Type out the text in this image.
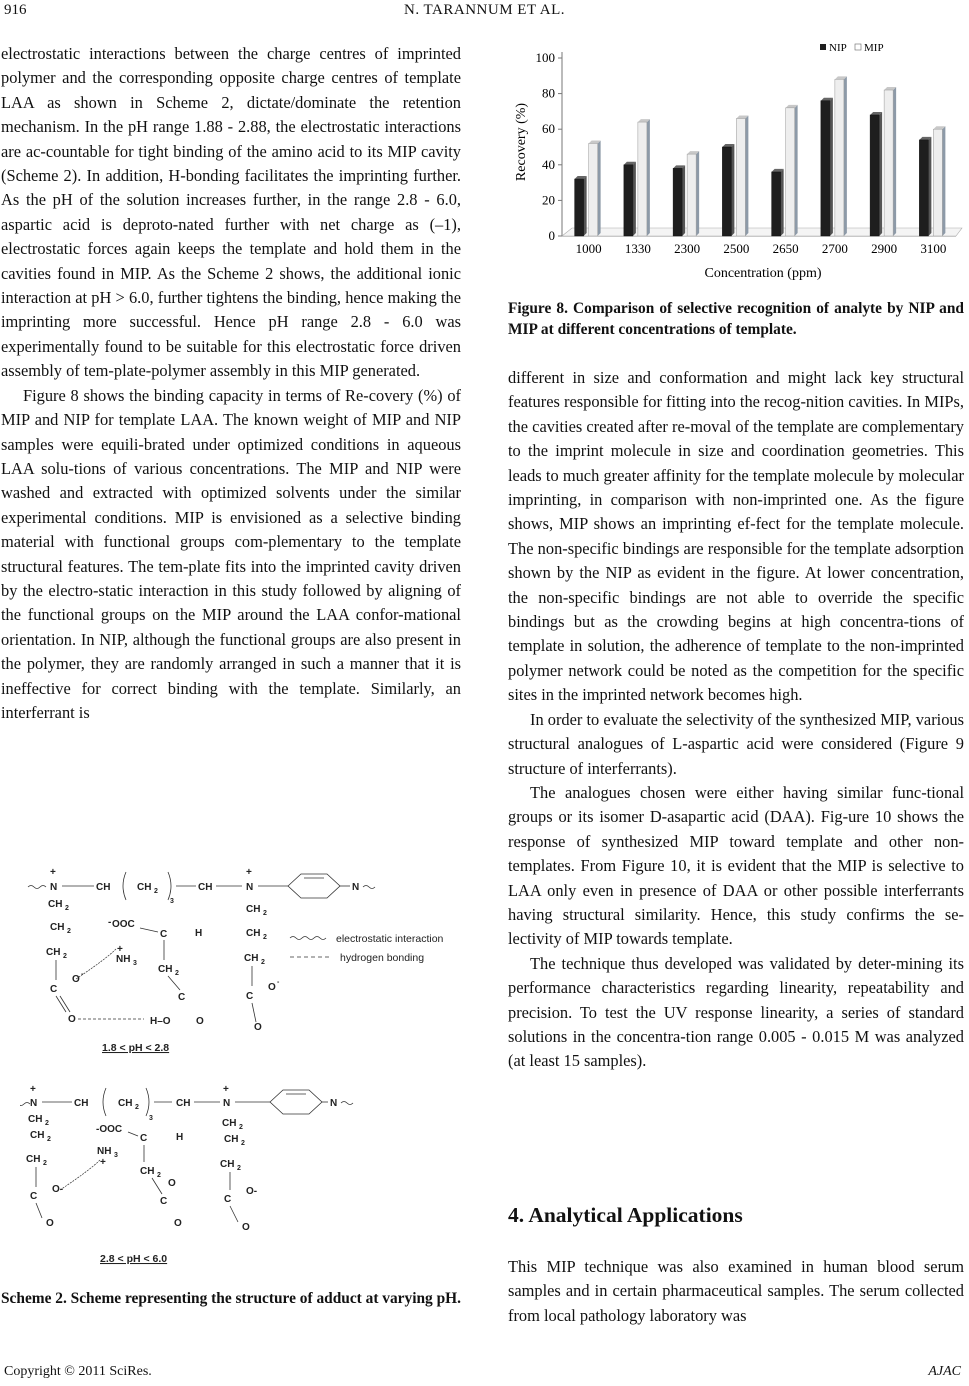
916	N. TARANNUM ET AL.

electrostatic interactions between the charge centres of imprinted polymer and the corresponding opposite charge centres of template LAA as shown in Scheme 2, dictate/dominate the retention mechanism. In the pH range 1.88 - 2.88, the electrostatic interactions are ac-countable for tight binding of the amino acid to its MIP cavity (Scheme 2). In addition, H-bonding facilitates the imprinting further. As the pH of the solution increases further, in the range 2.8 - 6.0, aspartic acid is deproto-nated further with net charge as (–1), electrostatic forces again keeps the template and hold them in the cavities found in MIP. As the Scheme 2 shows, the additional ionic interaction at pH > 6.0, further tightens the binding, hence making the imprinting more successful. Hence pH range 2.8 - 6.0 was experimentally found to be suitable for this electrostatic force driven assembly of tem-plate-polymer assembly in this MIP generated.

Figure 8 shows the binding capacity in terms of Re-covery (%) of MIP and NIP for template LAA. The known weight of MIP and NIP samples were equili-brated under optimized conditions in aqueous LAA solu-tions of various concentrations. The MIP and NIP were washed and extracted with optimized solvents under the similar experimental conditions. MIP is envisioned as a selective binding material with functional groups com-plementary to the template structural features. The tem-plate fits into the imprinted cavity driven by the electro-static interaction in this study followed by aligning of the functional groups on the MIP around the LAA confor-mational orientation. In NIP, although the functional groups are also present in the polymer, they are randomly arranged in such a manner that it is ineffective for correct binding with the template. Similarly, an interferrant is

NIP MIP
0
20
40
60
80
100
1000 1330 2300 2500 2650 2700 2900 3100
Recovery (%)
Concentration (ppm)
Figure 8. Comparison of selective recognition of analyte by NIP and MIP at different concentrations of template.

different in size and conformation and might lack key structural features responsible for fitting into the recog-nition cavities. In MIPs, the cavities created after re-moval of the template are complementary to the imprint molecule in size and coordination geometries. This leads to much greater affinity for the template molecule by molecular imprinting, in comparison with non-imprinted one. As the figure shows, MIP shows an imprinting ef-fect for the template molecule. The non-specific bindings are responsible for the template adsorption shown by the NIP as evident in the figure. At lower concentration, the non-specific bindings are not able to override the specific bindings but as the crowding begins at high concentra-tions of template in solution, the adherence of template to the non-imprinted polymer network could be noted as the competition for the specific sites in the imprinted network becomes high.

In order to evaluate the selectivity of the synthesized MIP, various structural analogues of L-aspartic acid were considered (Figure 9 structure of interferrants).

The analogues chosen were either having similar func-tional groups or its isomer D-asapartic acid (DAA). Fig-ure 10 shows the response of synthesized MIP toward template and other non-templates. From Figure 10, it is evident that the MIP is selective to LAA only even in presence of DAA or other possible interferrants having structural similarity. Hence, this study confirms the se-lectivity of MIP towards template.

The technique thus developed was validated by deter-mining its performance characteristics regarding linearity, repeatability and precision. To test the UV response linearity, a series of standard solutions in the concentra-tion range 0.005 - 0.015 M was analyzed (at least 15 samples).

4. Analytical Applications

This MIP technique was also examined in human blood serum samples and in certain pharmaceutical samples. The serum collected from local pathology laboratory was

+
N	CH	CH 2
3
CH
+
N	N
CH 2
CH 2
CH 2
C
O -
O
- OOC
C	H
+
NH 3
CH 2
C
H–O	O
CH 2
CH 2
CH 2
C
O -
O
electrostatic interaction
hydrogen bonding
1.8 < pH < 2.8
+
N	CH	CH 2
3
CH
+
N	N
CH 2
CH 2
CH 2
C
O-
O
-OOC
C	H
NH 3
+
CH 2
C
O
O
CH 2
CH 2
CH 2
C
O-
O
2.8 < pH < 6.0
Scheme 2. Scheme representing the structure of adduct at varying pH.
Copyright © 2011 SciRes.	AJAC
